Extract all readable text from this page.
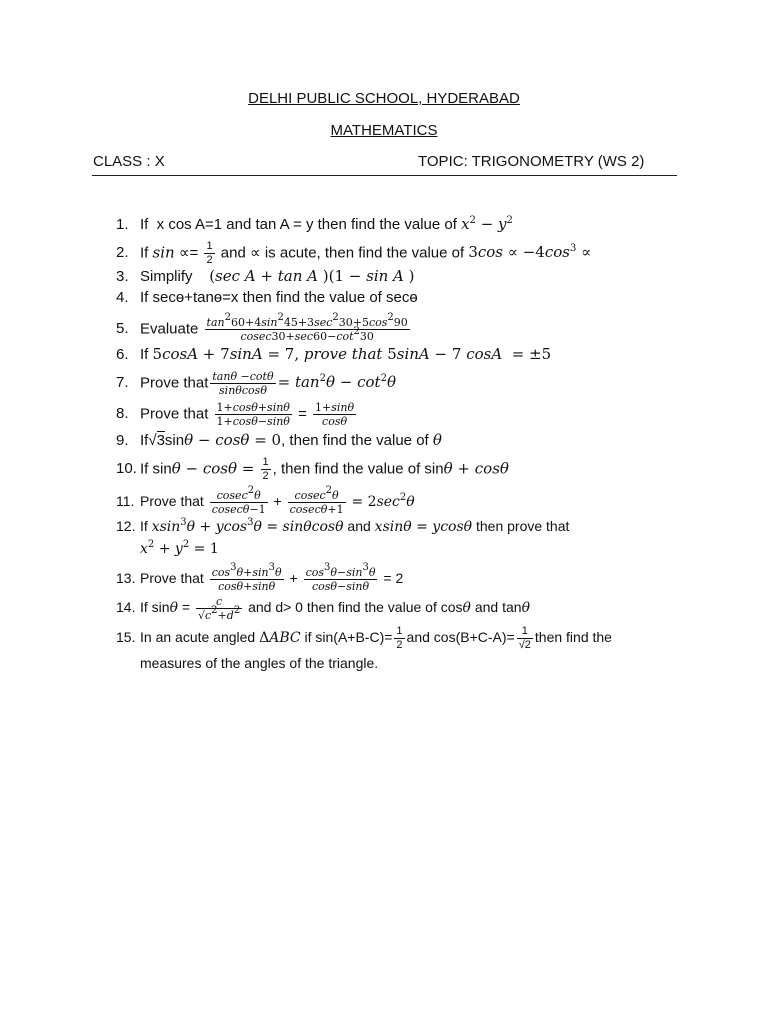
DELHI PUBLIC SCHOOL, HYDERABAD
MATHEMATICS
CLASS : X	TOPIC: TRIGONOMETRY (WS 2)
1. If  x cos A=1 and tan A = y then find the value of $x^2 - y^2$
2. If $\sin \propto= \frac{1}{2}$ and ∝ is acute, then find the value of $3\cos \propto -4\cos^3$ ∝
3. Simplify    (sec A + tan A )(1 − sin A )
4. If secɵ+tanɵ=x then find the value of secɵ
5. Evaluate $\tan^260+4\sin^245+3\sec^230+5\cos^290$
$cosec30+\sec 60-\cot^230$
6. If 5cosA + 7sinA = 7, prove that 5sinA − 7 cosA  = ±5
7. Prove that $\frac{\tan\theta -\cot\theta}{\sin\theta\cos\theta} = \tan^2\theta - \cot^2\theta$
8. Prove that $\frac{1+\cos\theta+\sin\theta}{1+\cos\theta-\sin\theta} = \frac{1+\sin\theta}{\cos\theta}$
9. If√3sinθ − cosθ = 0, then find the value of θ
10. If $\sin\theta - \cos\theta = \frac{1}{2}$ , then find the value of sinθ + cosθ
11. Prove that cosec$^2$θ
cosecθ−1
+ cosec$^2$θ
$cosec\theta+1 = 2\sec^2\theta$
12. If xsin$^3$θ + ycos$^3$θ = sinθcosθ and xsinθ = ycosθ then prove that
$x^2 + y^2 = 1$
13. Prove that $\frac{\cos^3\theta+\sin^3\theta}{\cos\theta+\sin\theta} + \frac{\cos^3\theta-\sin^3\theta}{\cos\theta-\sin\theta} = 2$
14. If $\sin\theta = \frac{c}{√c^2+d^2}$ and d> 0 then find the value of cosθ and tanθ
15. In an acute angled ΔABC if $\sin(A+B-C)= \frac{1}{2}$ and $\cos(B+C-A)= \frac{1}{√2}$ then find the
measures of the angles of the triangle.
